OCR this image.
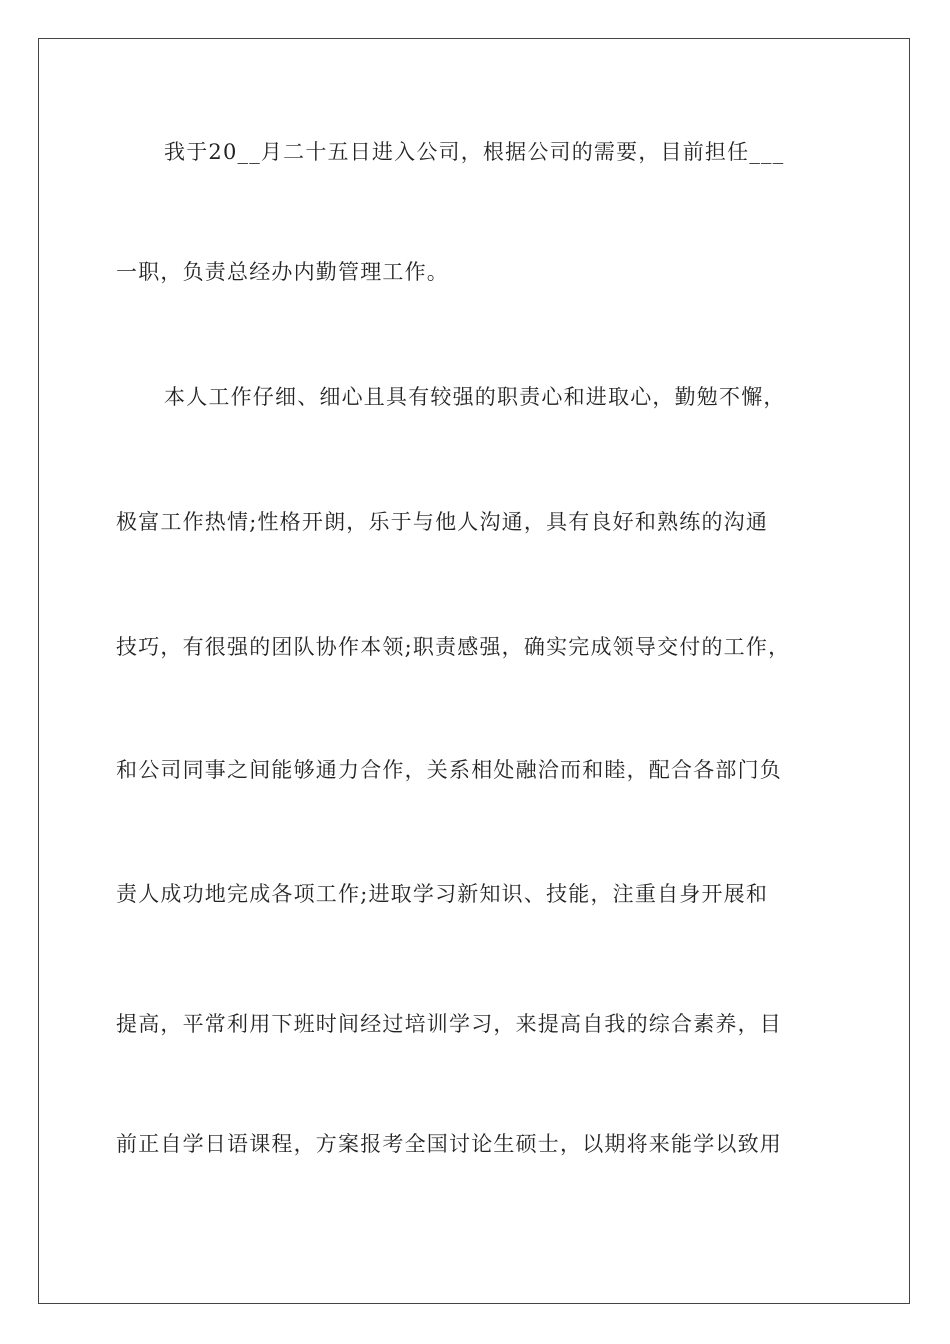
我于20__月二十五日进入公司，根据公司的需要，目前担任___
一职，负责总经办内勤管理工作。
本人工作仔细、细心且具有较强的职责心和进取心，勤勉不懈，
极富工作热情;性格开朗，乐于与他人沟通，具有良好和熟练的沟通
技巧，有很强的团队协作本领;职责感强，确实完成领导交付的工作，
和公司同事之间能够通力合作，关系相处融洽而和睦，配合各部门负
责人成功地完成各项工作;进取学习新知识、技能，注重自身开展和
提高，平常利用下班时间经过培训学习，来提高自我的综合素养，目
前正自学日语课程，方案报考全国讨论生硕士，以期将来能学以致用
